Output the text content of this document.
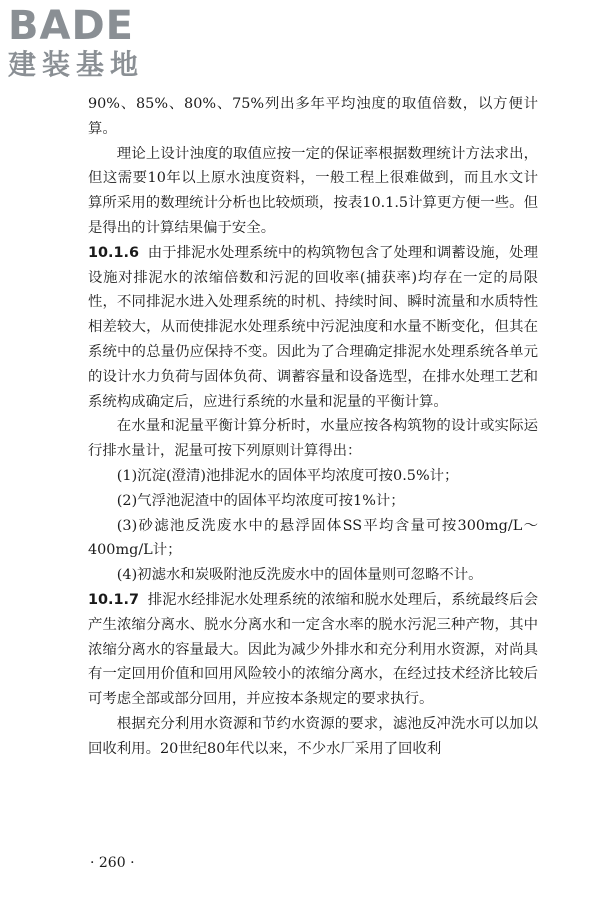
BADE
建装基地

90%、85%、80%、75%列出多年平均浊度的取值倍数，以方便计算。

理论上设计浊度的取值应按一定的保证率根据数理统计方法求出，但这需要10年以上原水浊度资料，一般工程上很难做到，而且水文计算所采用的数理统计分析也比较烦琐，按表10.1.5计算更方便一些。但是得出的计算结果偏于安全。

10.1.6 由于排泥水处理系统中的构筑物包含了处理和调蓄设施，处理设施对排泥水的浓缩倍数和污泥的回收率(捕获率)均存在一定的局限性，不同排泥水进入处理系统的时机、持续时间、瞬时流量和水质特性相差较大，从而使排泥水处理系统中污泥浊度和水量不断变化，但其在系统中的总量仍应保持不变。因此为了合理确定排泥水处理系统各单元的设计水力负荷与固体负荷、调蓄容量和设备选型，在排水处理工艺和系统构成确定后，应进行系统的水量和泥量的平衡计算。

在水量和泥量平衡计算分析时，水量应按各构筑物的设计或实际运行排水量计，泥量可按下列原则计算得出：

(1)沉淀(澄清)池排泥水的固体平均浓度可按0.5%计；

(2)气浮池泥渣中的固体平均浓度可按1%计；

(3)砂滤池反洗废水中的悬浮固体SS平均含量可按300mg/L～400mg/L计；

(4)初滤水和炭吸附池反洗废水中的固体量则可忽略不计。

10.1.7 排泥水经排泥水处理系统的浓缩和脱水处理后，系统最终后会产生浓缩分离水、脱水分离水和一定含水率的脱水污泥三种产物，其中浓缩分离水的容量最大。因此为减少外排水和充分利用水资源，对尚具有一定回用价值和回用风险较小的浓缩分离水，在经过技术经济比较后可考虑全部或部分回用，并应按本条规定的要求执行。

根据充分利用水资源和节约水资源的要求，滤池反冲洗水可以加以回收利用。20世纪80年代以来，不少水厂采用了回收利

· 260 ·
